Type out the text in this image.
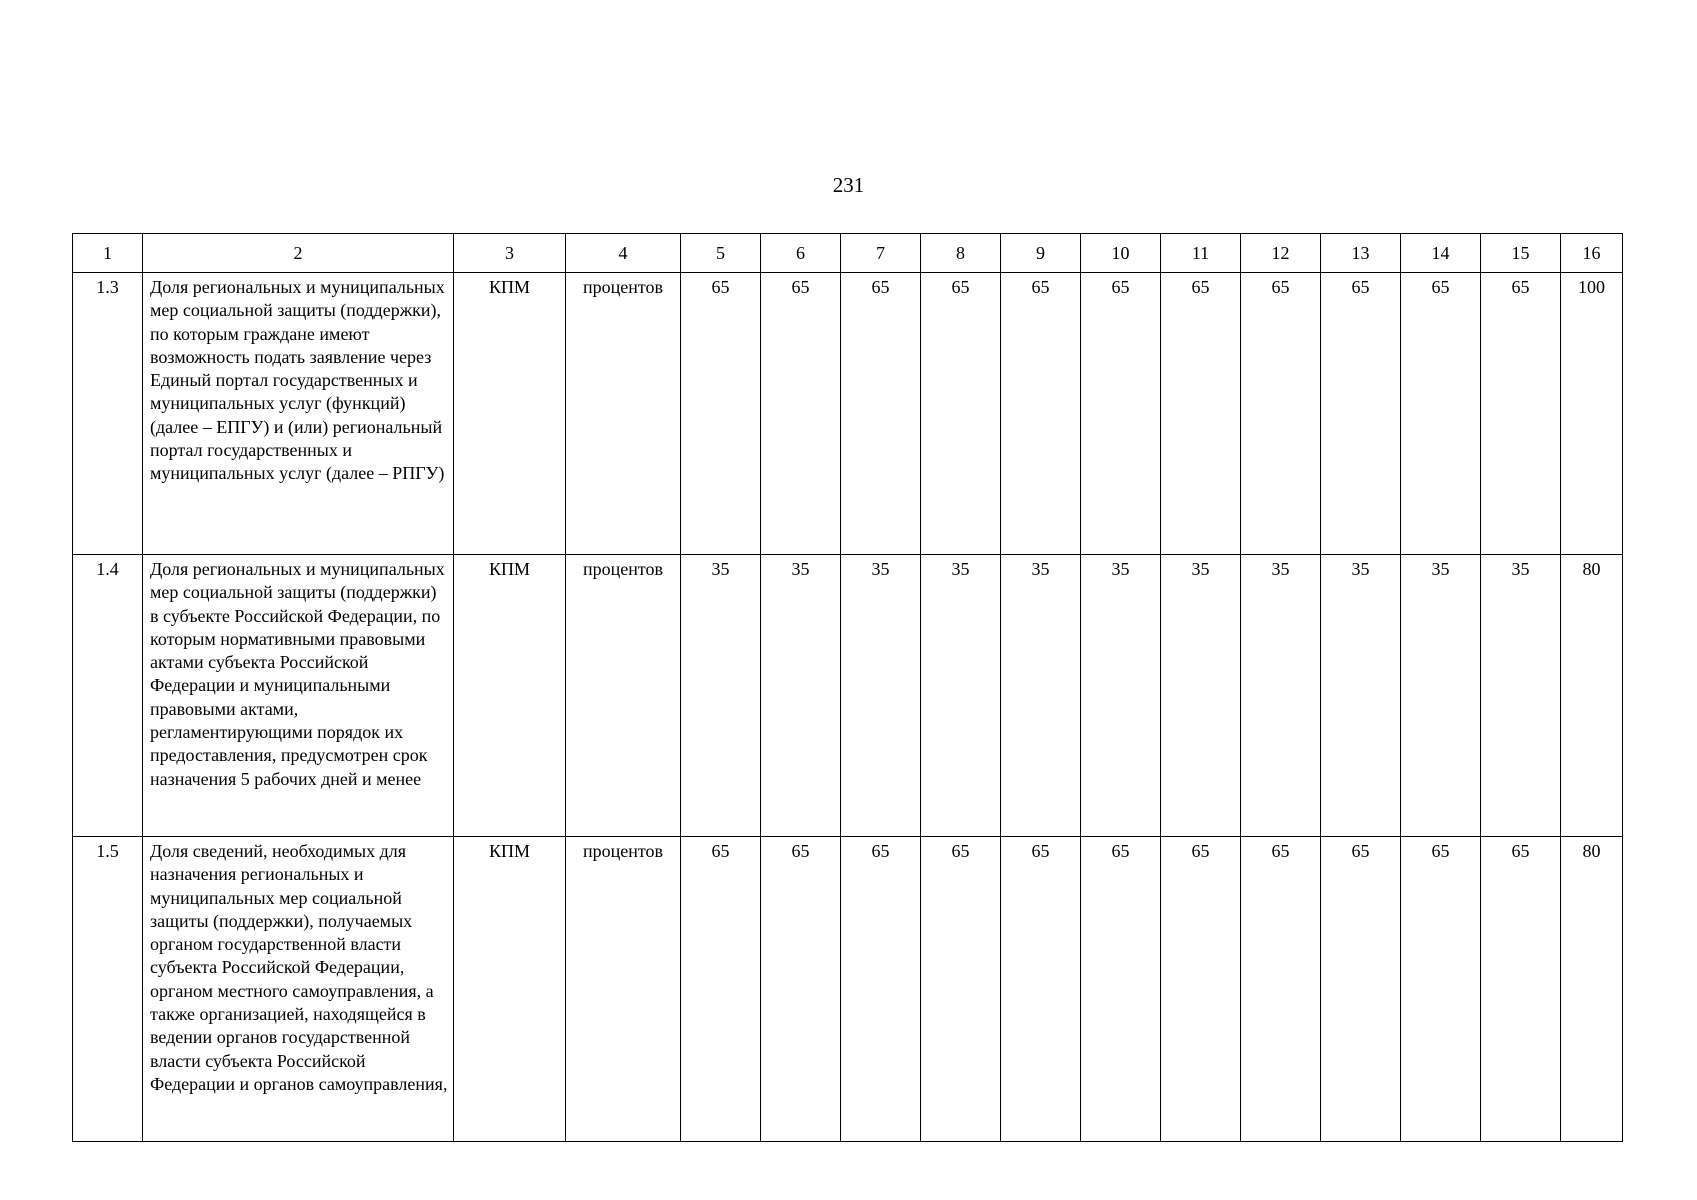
231
1	2	3	4	5	6	7	8	9	10	11	12	13	14	15	16
1.3	Доля региональных и муниципальных мер социальной защиты (поддержки), по которым граждане имеют возможность подать заявление через Единый портал государственных и муниципальных услуг (функций) (далее – ЕПГУ) и (или) региональный портал государственных и муниципальных услуг (далее – РПГУ)	КПМ	процентов	65	65	65	65	65	65	65	65	65	65	65	100
1.4	Доля региональных и муниципальных мер социальной защиты (поддержки) в субъекте Российской Федерации, по которым нормативными правовыми актами субъекта Российской Федерации и муниципальными правовыми актами, регламентирующими порядок их предоставления, предусмотрен срок назначения 5 рабочих дней и менее	КПМ	процентов	35	35	35	35	35	35	35	35	35	35	35	80
1.5	Доля сведений, необходимых для назначения региональных и муниципальных мер социальной защиты (поддержки), получаемых органом государственной власти субъекта Российской Федерации, органом местного самоуправления, а также организацией, находящейся в ведении органов государственной власти субъекта Российской Федерации и органов самоуправления,	КПМ	процентов	65	65	65	65	65	65	65	65	65	65	65	80
